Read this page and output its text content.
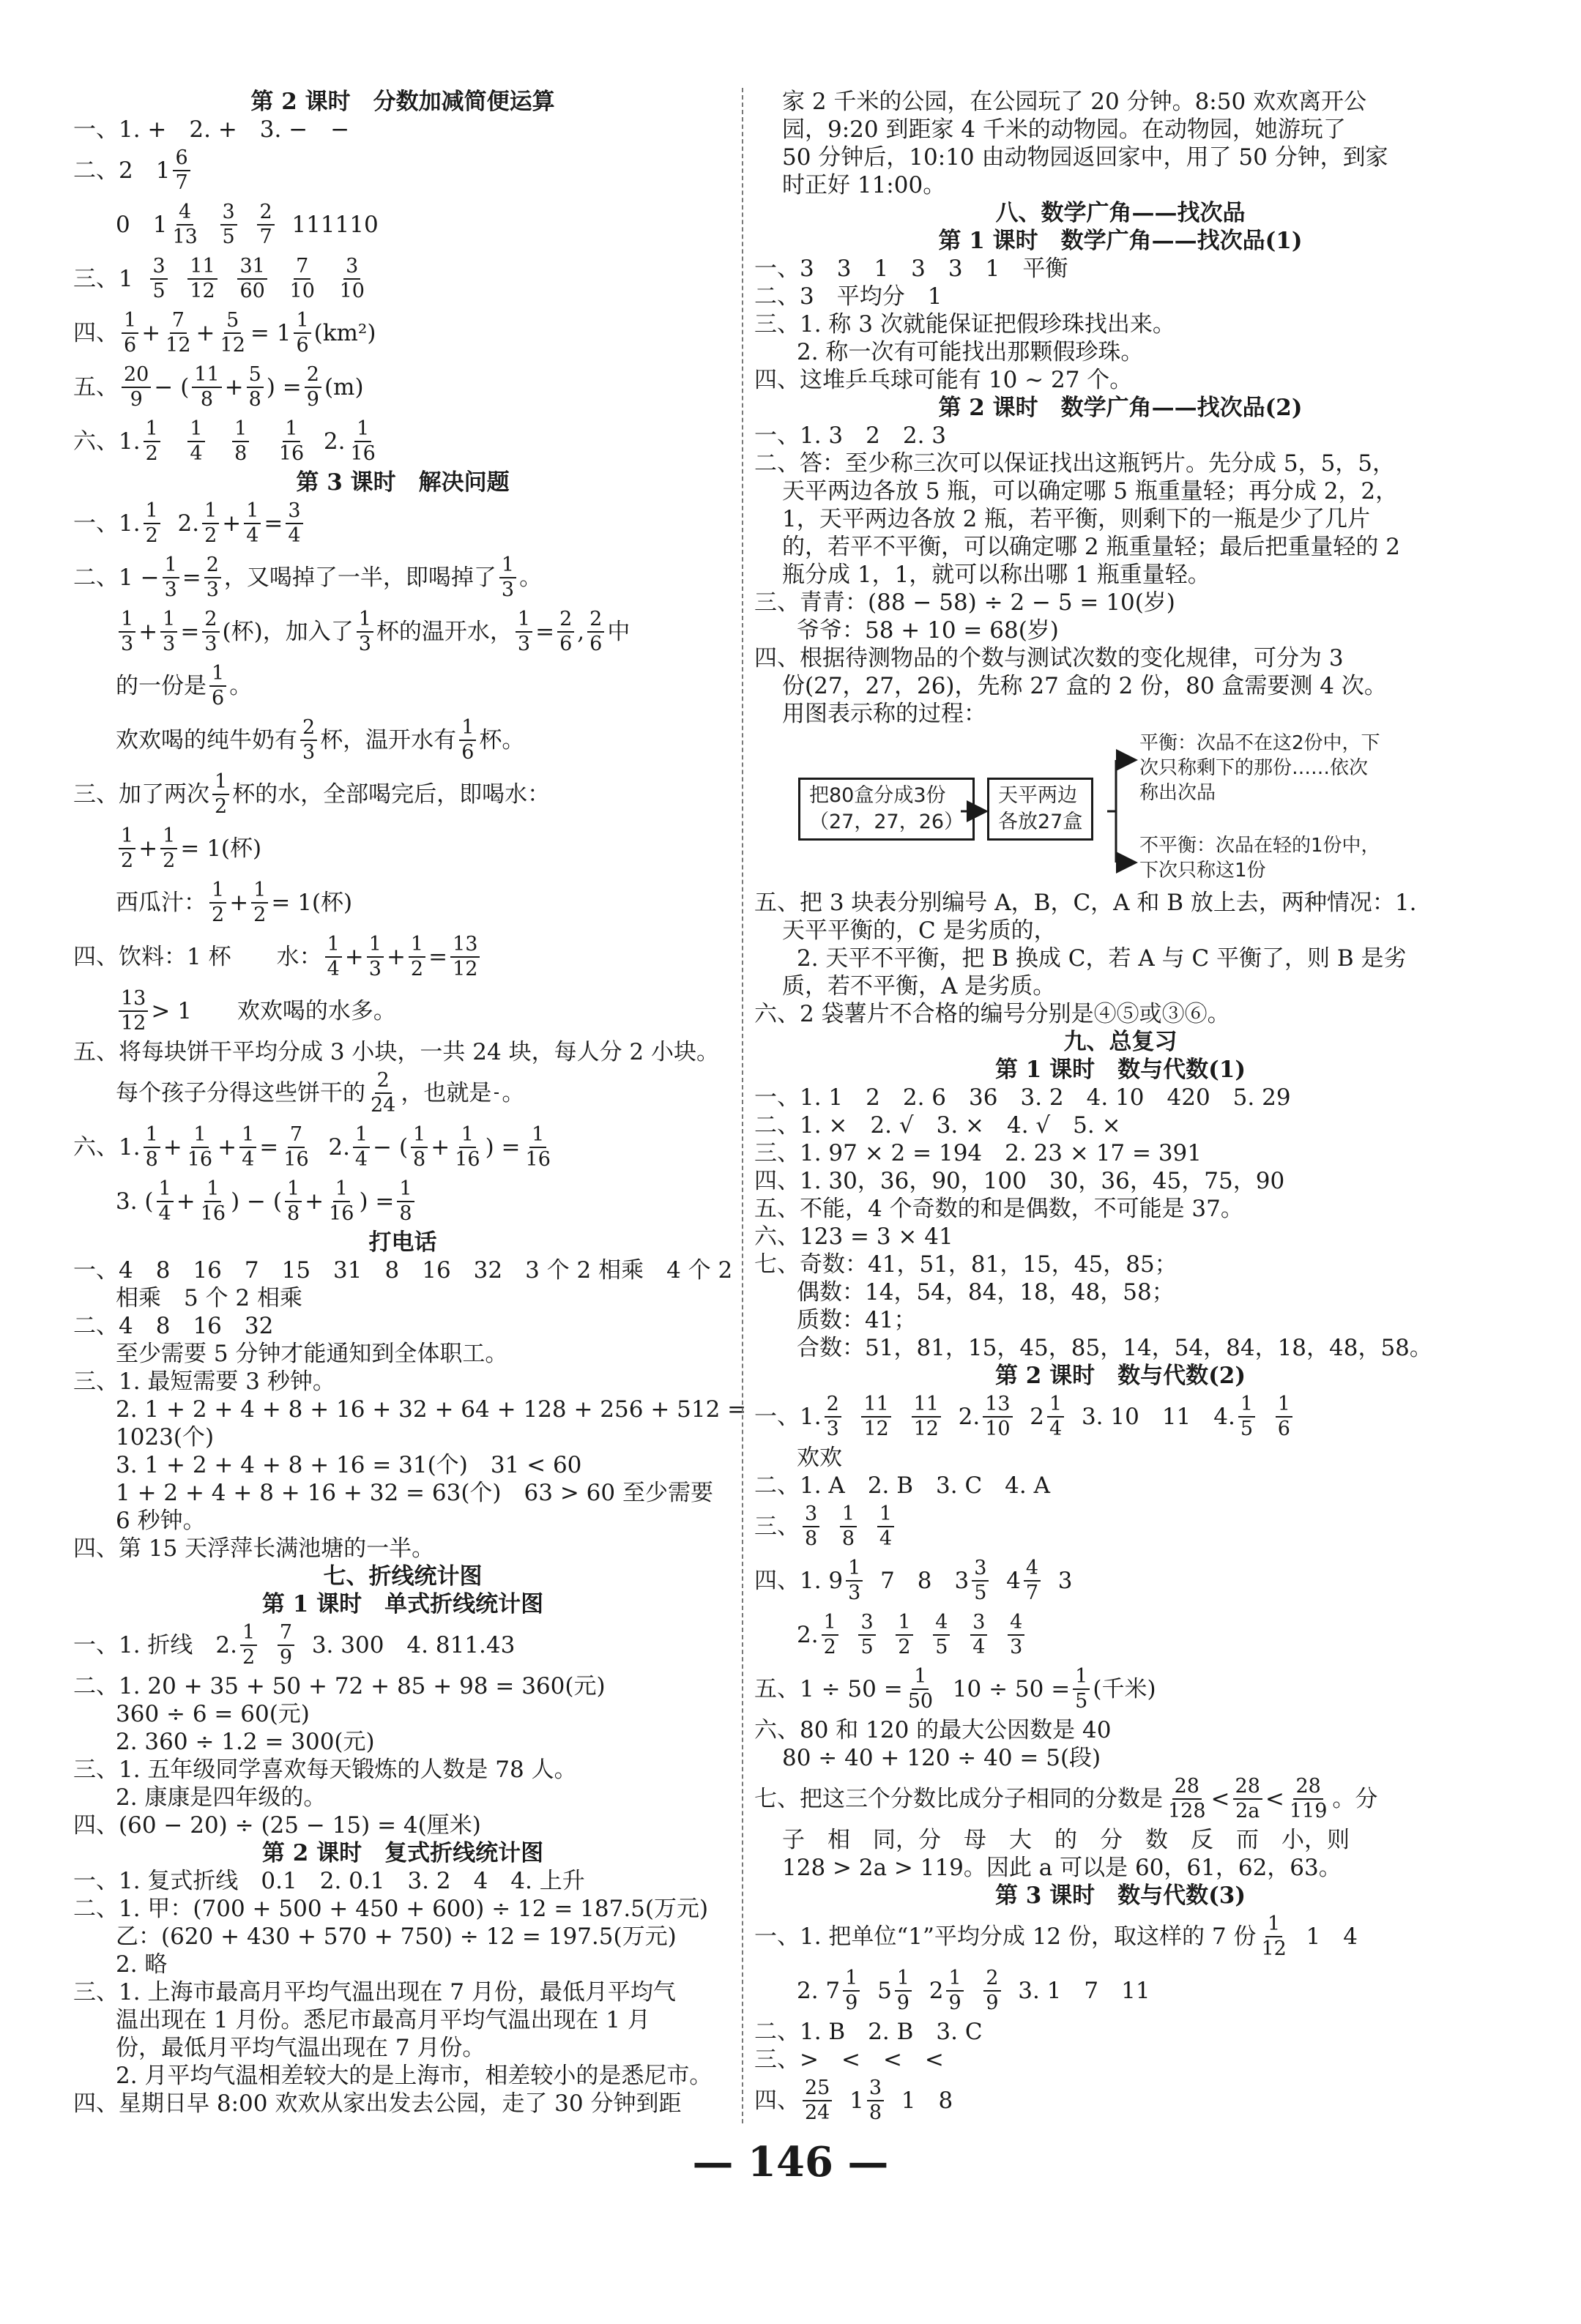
第 2 课时　分数加减简便运算
一、1. +　2. +　3. −　−
二、2　$1 \frac{6}{7}$
0　$1 \frac{4}{13}$
$\frac{3}{5}$
$\frac{2}{7}$
111110
三、1
$\frac{3}{5}$
$\frac{11}{12}$
$\frac{31}{60}$
$\frac{7}{10}$
$\frac{3}{10}$
四、 $\frac{1}{6} + \frac{7}{12} + \frac{5}{12} = 1 \frac{1}{6} (km^2)$
五、 $\frac{20}{9}$ − ( $\frac{11}{8} + \frac{5}{8}$ ) = $\frac{2}{9} (m)$
六、1. $\frac{1}{2}$
$\frac{1}{4}$
$\frac{1}{8}$
$\frac{1}{16}$
2. $\frac{1}{16}$
第 3 课时　解决问题
一、1. $\frac{1}{2}$
2. $\frac{1}{2} + \frac{1}{4} = \frac{3}{4}$
二、$1 - \frac{1}{3} = \frac{2}{3}$ ，又喝掉了一半，即喝掉了 $\frac{1}{3}$ 。
$\frac{1}{3} + \frac{1}{3} = \frac{2}{3}$ (杯)，加入了 $\frac{1}{3}$ 杯的温开水， $\frac{1}{3} = \frac{2}{6}$ , $\frac{2}{6}$ 中
的一份是 $\frac{1}{6}$ 。
欢欢喝的纯牛奶有 $\frac{2}{3}$ 杯，温开水有 $\frac{1}{6}$ 杯。
三、加了两次 $\frac{1}{2}$ 杯的水，全部喝完后，即喝水：
$\frac{1}{2} + \frac{1}{2} = 1$(杯)
西瓜汁： $\frac{1}{2} + \frac{1}{2} = 1$(杯)
四、饮料：1 杯　　水： $\frac{1}{4} + \frac{1}{3} + \frac{1}{2} = \frac{13}{12}$
$\frac{13}{12} > 1$　　欢欢喝的水多。
五、将每块饼干平均分成 3 小块，一共 24 块，每人分 2 小块。
每个孩子分得这些饼干的 $\frac{2}{24}$ ，也就是 。
六、1. $\frac{1}{8} + \frac{1}{16} + \frac{1}{4} = \frac{7}{16}$
2. $\frac{1}{4}$ − ( $\frac{1}{8} + \frac{1}{16}$ ) = $\frac{1}{16}$
3. ( $\frac{1}{4} + \frac{1}{16}$ ) − ( $\frac{1}{8} + \frac{1}{16}$ ) = $\frac{1}{8}$
打电话
一、4　8　16　7　15　31　8　16　32　3 个 2 相乘　4 个 2
相乘　5 个 2 相乘
二、4　8　16　32
至少需要 5 分钟才能通知到全体职工。
三、1. 最短需要 3 秒钟。
2. 1 + 2 + 4 + 8 + 16 + 32 + 64 + 128 + 256 + 512 =
1023(个)
3. 1 + 2 + 4 + 8 + 16 = 31(个)　31 < 60
1 + 2 + 4 + 8 + 16 + 32 = 63(个)　63 > 60 至少需要
6 秒钟。
四、第 15 天浮萍长满池塘的一半。
七、折线统计图
第 1 课时　单式折线统计图
一、1. 折线　2. $\frac{1}{2}$
$\frac{7}{9}$
3. 300　4. 811.43
二、1. 20 + 35 + 50 + 72 + 85 + 98 = 360(元)
360 ÷ 6 = 60(元)
2. 360 ÷ 1.2 = 300(元)
三、1. 五年级同学喜欢每天锻炼的人数是 78 人。
2. 康康是四年级的。
四、(60 − 20) ÷ (25 − 15) = 4(厘米)
第 2 课时　复式折线统计图
一、1. 复式折线　0.1　2. 0.1　3. 2　4　4. 上升
二、1. 甲：(700 + 500 + 450 + 600) ÷ 12 = 187.5(万元)
乙：(620 + 430 + 570 + 750) ÷ 12 = 197.5(万元)
2. 略
三、1. 上海市最高月平均气温出现在 7 月份，最低月平均气
温出现在 1 月份。悉尼市最高月平均气温出现在 1 月
份，最低月平均气温出现在 7 月份。
2. 月平均气温相差较大的是上海市，相差较小的是悉尼市。
四、星期日早 8:00 欢欢从家出发去公园，走了 30 分钟到距
家 2 千米的公园，在公园玩了 20 分钟。8:50 欢欢离开公
园，9:20 到距家 4 千米的动物园。在动物园，她游玩了
50 分钟后，10:10 由动物园返回家中，用了 50 分钟，到家
时正好 11:00。
八、数学广角——找次品
第 1 课时　数学广角——找次品(1)
一、3　3　1　3　3　1　平衡
二、3　平均分　1
三、1. 称 3 次就能保证把假珍珠找出来。
2. 称一次有可能找出那颗假珍珠。
四、这堆乒乓球可能有 10 ~ 27 个。
第 2 课时　数学广角——找次品(2)
一、1. 3　2　2. 3
二、答：至少称三次可以保证找出这瓶钙片。先分成 5，5，5，
天平两边各放 5 瓶，可以确定哪 5 瓶重量轻；再分成 2，2，
1，天平两边各放 2 瓶，若平衡，则剩下的一瓶是少了几片
的，若平不平衡，可以确定哪 2 瓶重量轻；最后把重量轻的 2
瓶分成 1，1，就可以称出哪 1 瓶重量轻。
三、青青：(88 − 58) ÷ 2 − 5 = 10(岁)
爷爷：58 + 10 = 68(岁)
四、根据待测物品的个数与测试次数的变化规律，可分为 3
份(27，27，26)，先称 27 盒的 2 份，80 盒需要测 4 次。
用图表示称的过程：
把80盒分成3份
（27，27，26）
天平两边
各放27盒
平衡：次品不在这2份中，下
次只称剩下的那份……依次
称出次品
不平衡：次品在轻的1份中，
下次只称这1份
五、把 3 块表分别编号 A，B，C，A 和 B 放上去，两种情况：1.
天平平衡的，C 是劣质的，
2. 天平不平衡，把 B 换成 C，若 A 与 C 平衡了，则 B 是劣
质，若不平衡，A 是劣质。
六、2 袋薯片不合格的编号分别是④⑤或③⑥。
九、总复习
第 1 课时　数与代数(1)
一、1. 1　2　2. 6　36　3. 2　4. 10　420　5. 29
二、1. ×　2. √　3. ×　4. √　5. ×
三、1. 97 × 2 = 194　2. 23 × 17 = 391
四、1. 30，36，90，100　30，36，45，75，90
五、不能，4 个奇数的和是偶数，不可能是 37。
六、123 = 3 × 41
七、奇数：41，51，81，15，45，85；
偶数：14，54，84，18，48，58；
质数：41；
合数：51，81，15，45，85，14，54，84，18，48，58。
第 2 课时　数与代数(2)
一、1. $\frac{2}{3}$
$\frac{11}{12}$
$\frac{11}{12}$
2. $\frac{13}{10}$
$2 \frac{1}{4}$
3. 10　11　4. $\frac{1}{5}$
$\frac{1}{6}$
欢欢
二、1. A　2. B　3. C　4. A
三、 $\frac{3}{8}$
$\frac{1}{8}$
$\frac{1}{4}$
四、1. $9 \frac{1}{3}$
7　8　$3 \frac{3}{5}$
$4 \frac{4}{7}$
3
2. $\frac{1}{2}$
$\frac{3}{5}$
$\frac{1}{2}$
$\frac{4}{5}$
$\frac{3}{4}$
$\frac{4}{3}$
五、$1 \div 50 = \frac{1}{50}$
$10 \div 50 = \frac{1}{5}$ (千米)
六、80 和 120 的最大公因数是 40
80 ÷ 40 + 120 ÷ 40 = 5(段)
七、把这三个分数比成分子相同的分数是 $\frac{28}{128} < \frac{28}{2a} < \frac{28}{119}$ 。分
子　相　同，分　母　大　的　分　数　反　而　小，则
128 > 2a > 119。因此 a 可以是 60，61，62，63。
第 3 课时　数与代数(3)
一、1. 把单位“1”平均分成 12 份，取这样的 7 份 $\frac{1}{12}$
1　4
2. $7 \frac{1}{9}$
$5 \frac{1}{9}$
$2 \frac{1}{9}$
$\frac{2}{9}$
3. 1　7　11
二、1. B　2. B　3. C
三、>　<　<　<
四、 $\frac{25}{24}$
$1 \frac{3}{8}$
1　8
— 146 —
